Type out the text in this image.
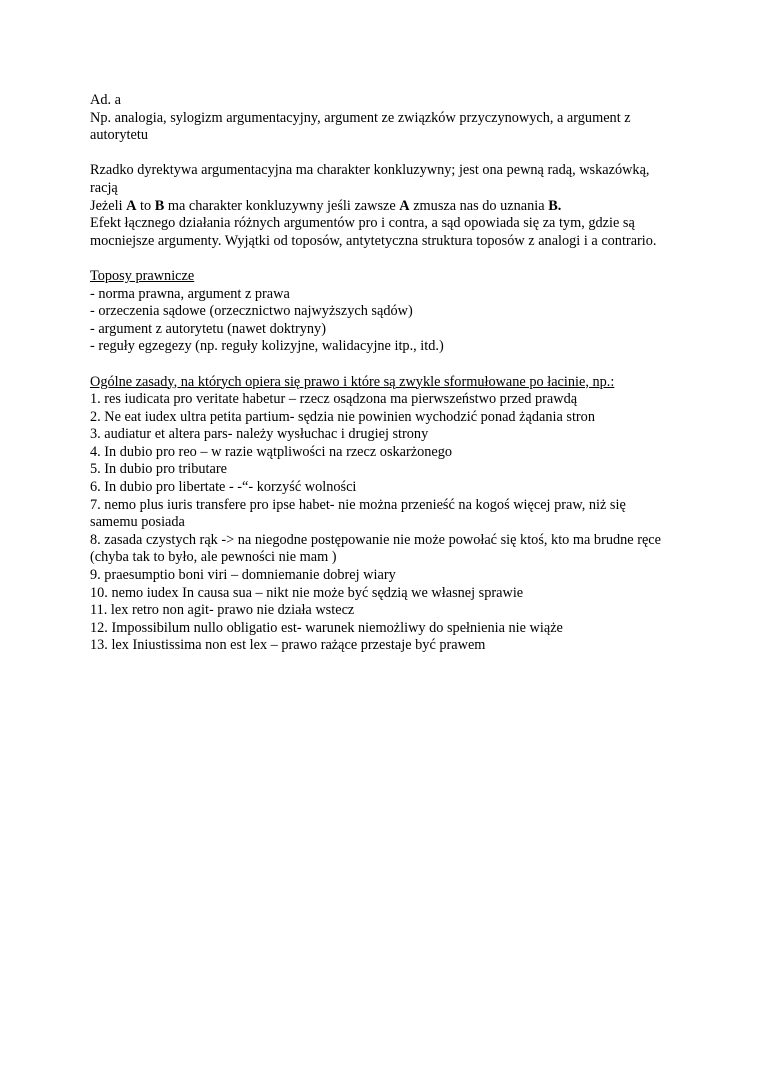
Ad. a

Np. analogia, sylogizm argumentacyjny, argument ze związków przyczynowych, a argument z autorytetu

Rzadko dyrektywa argumentacyjna ma charakter konkluzywny; jest ona pewną radą, wskazówką, racją

Jeżeli A to B ma charakter konkluzywny jeśli zawsze A zmusza nas do uznania B.

Efekt łącznego działania różnych argumentów pro i contra, a sąd opowiada się za tym, gdzie są mocniejsze argumenty. Wyjątki od toposów, antytetyczna struktura toposów z analogi i a contrario.

Toposy prawnicze

- norma prawna, argument z prawa

- orzeczenia sądowe (orzecznictwo najwyższych sądów)

- argument z autorytetu (nawet doktryny)

- reguły egzegezy (np. reguły kolizyjne, walidacyjne itp., itd.)

Ogólne zasady, na których opiera się prawo i które są zwykle sformułowane po łacinie, np.:

1. res iudicata pro veritate habetur – rzecz osądzona ma pierwszeństwo przed prawdą

2. Ne eat iudex ultra petita partium- sędzia nie powinien wychodzić ponad żądania stron

3. audiatur et altera pars- należy wysłuchac i drugiej strony

4. In dubio pro reo – w razie wątpliwości na rzecz oskarżonego

5. In dubio pro tributare

6. In dubio pro libertate - -“- korzyść wolności

7. nemo plus iuris transfere pro ipse habet- nie można przenieść na kogoś więcej praw, niż się samemu posiada

8. zasada czystych rąk -> na niegodne postępowanie nie może powołać się ktoś, kto ma brudne ręce (chyba tak to było, ale pewności nie mam )

9. praesumptio boni viri – domniemanie dobrej wiary

10. nemo iudex In causa sua – nikt nie może być sędzią we własnej sprawie

11. lex retro non agit- prawo nie działa wstecz

12. Impossibilum nullo obligatio est- warunek niemożliwy do spełnienia nie wiąże

13. lex Iniustissima non est lex – prawo rażące przestaje być prawem
